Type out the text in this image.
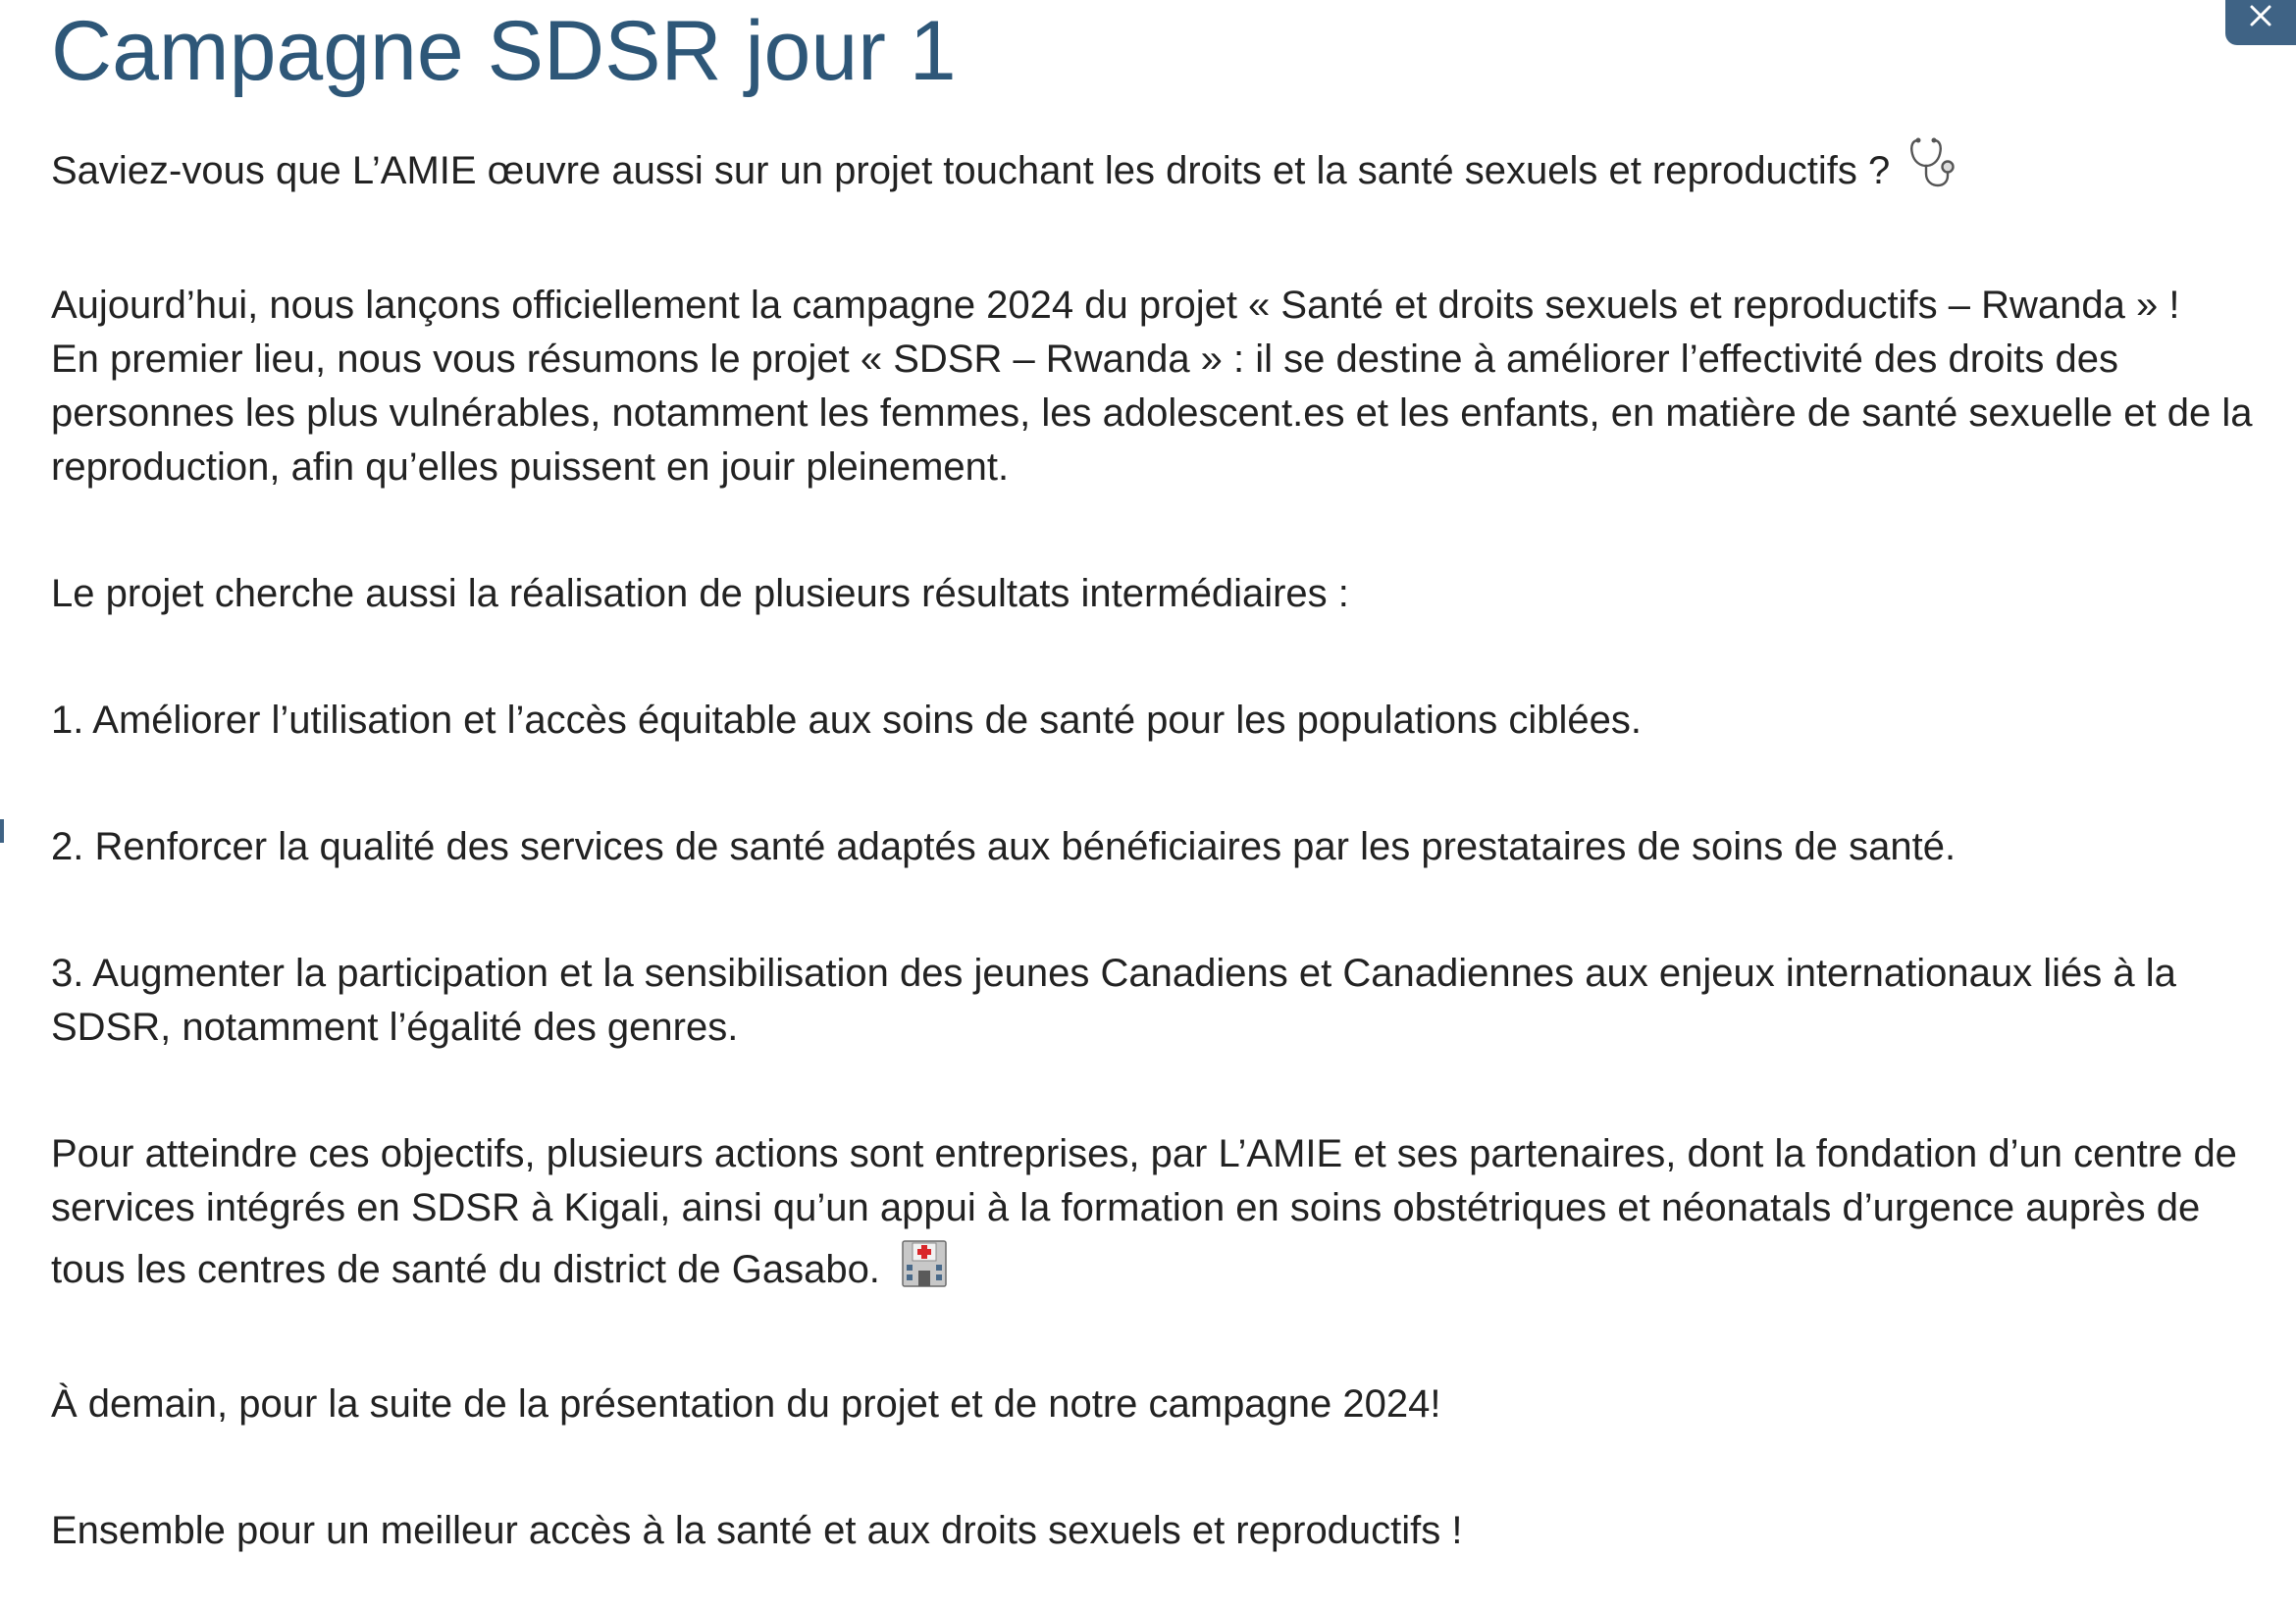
Campagne SDSR jour 1

Saviez-vous que L’AMIE œuvre aussi sur un projet touchant les droits et la santé sexuels et reproductifs ?

Aujourd’hui, nous lançons officiellement la campagne 2024 du projet « Santé et droits sexuels et reproductifs – Rwanda » !

En premier lieu, nous vous résumons le projet « SDSR – Rwanda » : il se destine à améliorer l’effectivité des droits des personnes les plus vulnérables, notamment les femmes, les adolescent.es et les enfants, en matière de santé sexuelle et de la reproduction, afin qu’elles puissent en jouir pleinement.

Le projet cherche aussi la réalisation de plusieurs résultats intermédiaires :

1. Améliorer l’utilisation et l’accès équitable aux soins de santé pour les populations ciblées.

2. Renforcer la qualité des services de santé adaptés aux bénéficiaires par les prestataires de soins de santé.

3. Augmenter la participation et la sensibilisation des jeunes Canadiens et Canadiennes aux enjeux internationaux liés à la SDSR, notamment l’égalité des genres.

Pour atteindre ces objectifs, plusieurs actions sont entreprises, par L’AMIE et ses partenaires, dont la fondation d’un centre de services intégrés en SDSR à Kigali, ainsi qu’un appui à la formation en soins obstétriques et néonatals d’urgence auprès de tous les centres de santé du district de Gasabo.

À demain, pour la suite de la présentation du projet et de notre campagne 2024!

Ensemble pour un meilleur accès à la santé et aux droits sexuels et reproductifs !
